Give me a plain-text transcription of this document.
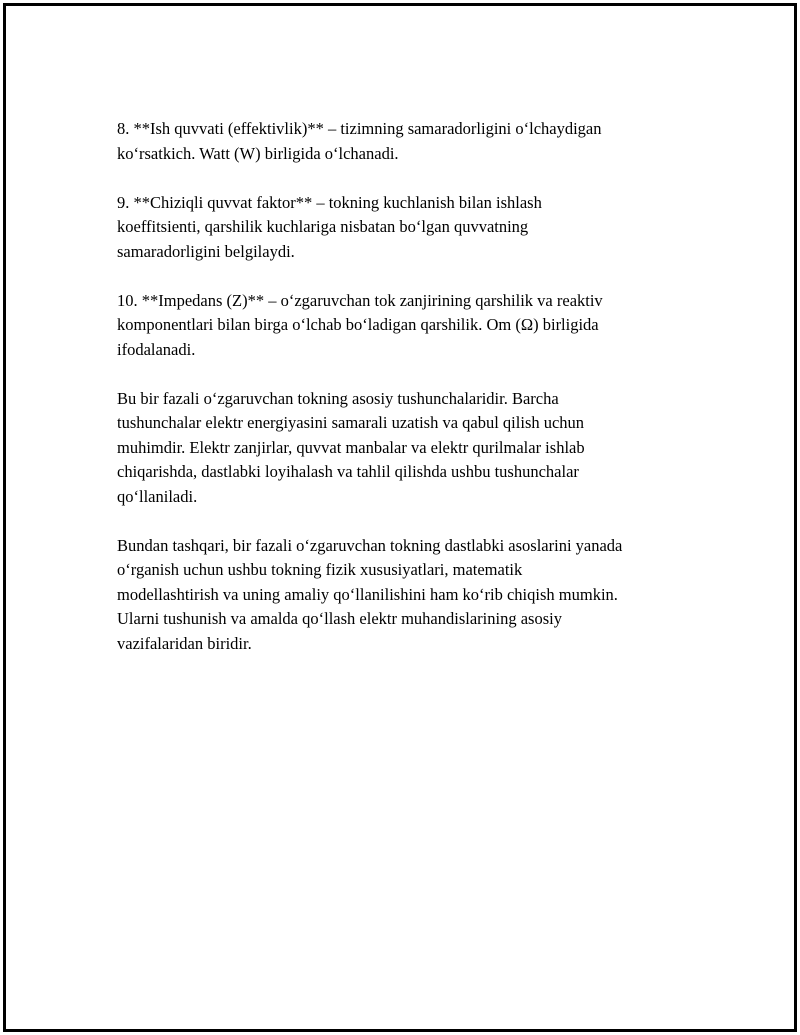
8. **Ish quvvati (effektivlik)** – tizimning samaradorligini o‘lchaydigan
ko‘rsatkich. Watt (W) birligida o‘lchanadi.

9. **Chiziqli quvvat faktor** – tokning kuchlanish bilan ishlash
koeffitsienti, qarshilik kuchlariga nisbatan bo‘lgan quvvatning
samaradorligini belgilaydi.

10. **Impedans (Z)** – o‘zgaruvchan tok zanjirining qarshilik va reaktiv
komponentlari bilan birga o‘lchab bo‘ladigan qarshilik. Om (Ω) birligida
ifodalanadi.

Bu bir fazali o‘zgaruvchan tokning asosiy tushunchalaridir. Barcha
tushunchalar elektr energiyasini samarali uzatish va qabul qilish uchun
muhimdir. Elektr zanjirlar, quvvat manbalar va elektr qurilmalar ishlab
chiqarishda, dastlabki loyihalash va tahlil qilishda ushbu tushunchalar
qo‘llaniladi.

Bundan tashqari, bir fazali o‘zgaruvchan tokning dastlabki asoslarini yanada
o‘rganish uchun ushbu tokning fizik xususiyatlari, matematik
modellashtirish va uning amaliy qo‘llanilishini ham ko‘rib chiqish mumkin.
Ularni tushunish va amalda qo‘llash elektr muhandislarining asosiy
vazifalaridan biridir.
